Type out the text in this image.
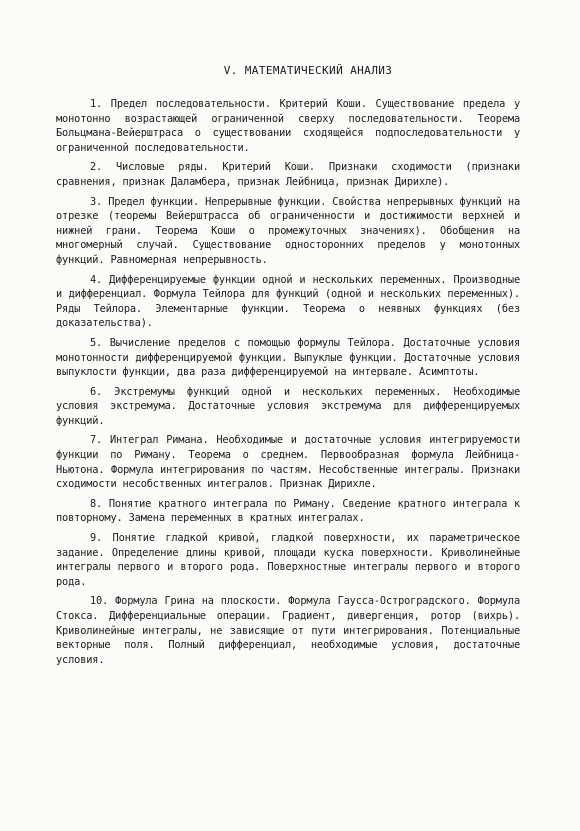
V. МАТЕМАТИЧЕСКИЙ АНАЛИЗ

1. Предел последовательности. Критерий Коши. Существование предела у монотонно возрастающей ограниченной сверху последовательности. Теорема Больцмана-Вейерштраса о существовании сходящейся подпоследовательности у ограниченной последовательности.

2. Числовые ряды. Критерий Коши. Признаки сходимости (признаки сравнения, признак Даламбера, признак Лейбница, признак Дирихле).

3. Предел функции. Непрерывные функции. Свойства непрерывных функций на отрезке (теоремы Вейерштрасса об ограниченности и достижимости верхней и нижней грани. Теорема Коши о промежуточных значениях). Обобщения на многомерный случай. Существование односторонних пределов у монотонных функций. Равномерная непрерывность.

4. Дифференцируемые функции одной и нескольких переменных. Производные и дифференциал. Формула Тейлора для функций (одной и нескольких переменных). Ряды Тейлора. Элементарные функции. Теорема о неявных функциях (без доказательства).

5. Вычисление пределов с помощью формулы Тейлора. Достаточные условия монотонности дифференцируемой функции. Выпуклые функции. Достаточные условия выпуклости функции, два раза дифференцируемой на интервале. Асимптоты.

6. Экстремумы функций одной и нескольких переменных. Необходимые условия экстремума. Достаточные условия экстремума для дифференцируемых функций.

7. Интеграл Римана. Необходимые и достаточные условия интегрируемости функции по Риману. Теорема о среднем. Первообразная формула Лейбница-Ньютона. Формула интегрирования по частям. Несобственные интегралы. Признаки сходимости несобственных интегралов. Признак Дирихле.

8. Понятие кратного интеграла по Риману. Сведение кратного интеграла к повторному. Замена переменных в кратных интегралах.

9. Понятие гладкой кривой, гладкой поверхности, их параметрическое задание. Определение длины кривой, площади куска поверхности. Криволинейные интегралы первого и второго рода. Поверхностные интегралы первого и второго рода.

10. Формула Грина на плоскости. Формула Гаусса-Остроградского. Формула Стокса. Дифференциальные операции. Градиент, дивергенция, ротор (вихрь). Криволинейные интегралы, не зависящие от пути интегрирования. Потенциальные векторные поля. Полный дифференциал, необходимые условия, достаточные условия.
